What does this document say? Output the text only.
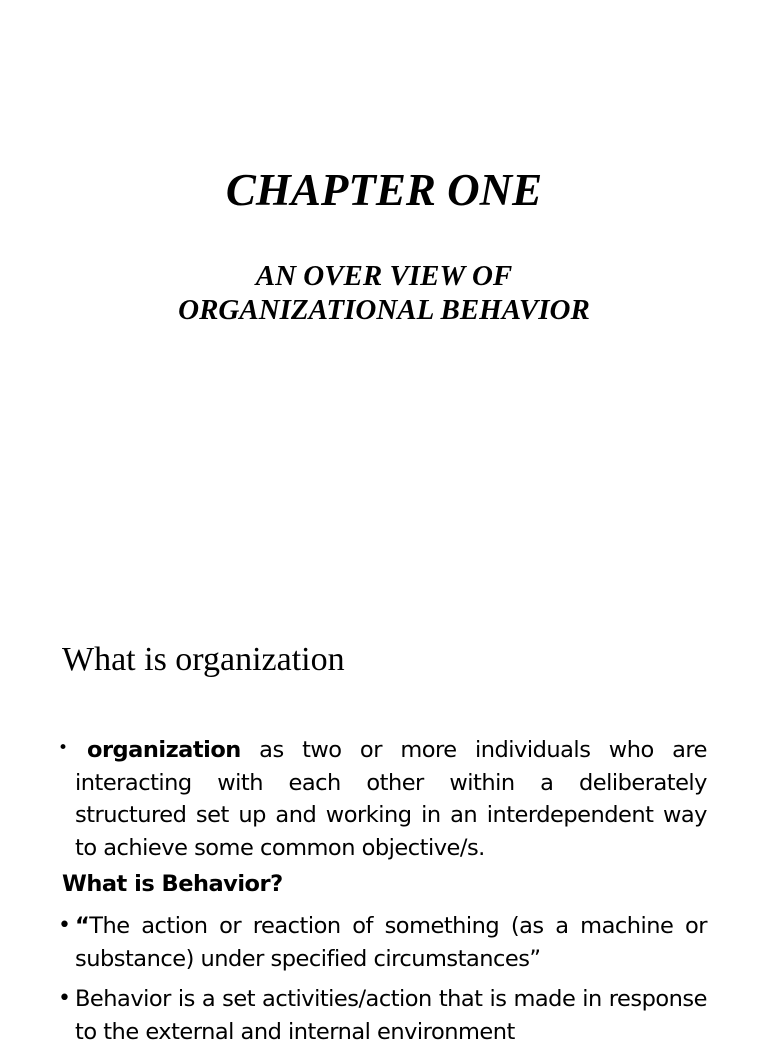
CHAPTER ONE
AN OVER VIEW OF
ORGANIZATIONAL BEHAVIOR
What is organization
• organization as two or more individuals who are interacting with each other within a deliberately structured set up and working in an interdependent way to achieve some common objective/s.

What is Behavior?
• “The action or reaction of something (as a machine or substance) under specified circumstances”

• Behavior is a set activities/action that is made in response to the external and internal environment
